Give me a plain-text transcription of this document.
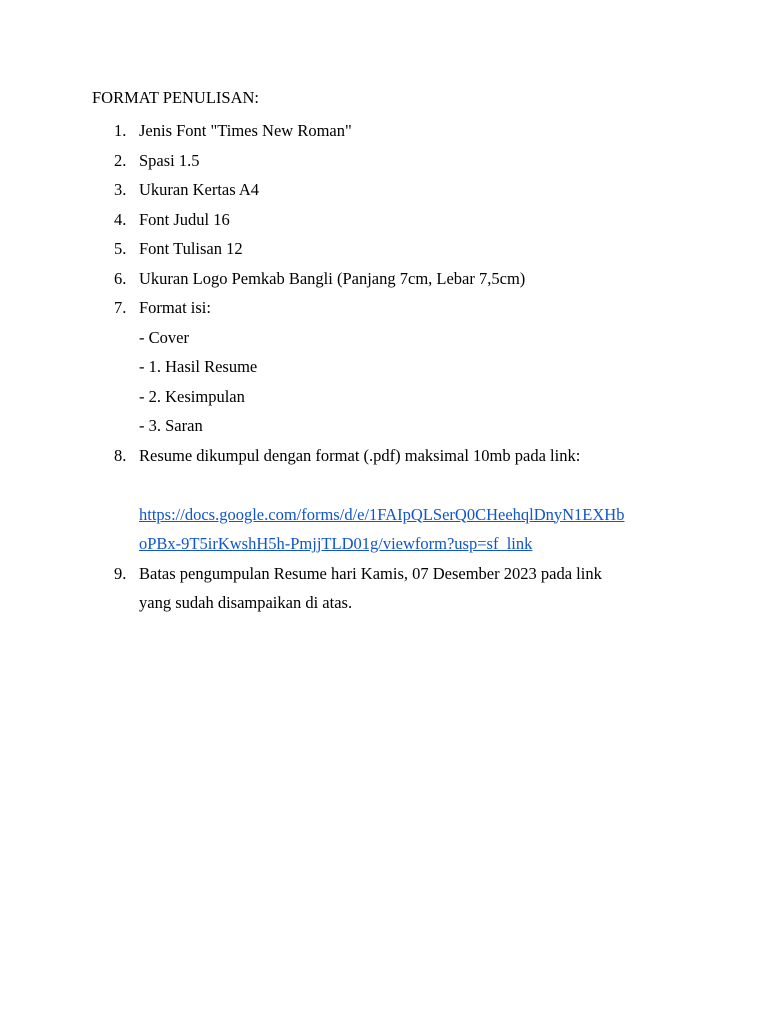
FORMAT PENULISAN:
1. Jenis Font "Times New Roman"
2. Spasi 1.5
3. Ukuran Kertas A4
4. Font Judul 16
5. Font Tulisan 12
6. Ukuran Logo Pemkab Bangli (Panjang 7cm, Lebar 7,5cm)
7. Format isi:
- Cover
- 1. Hasil Resume
- 2. Kesimpulan
- 3. Saran
8. Resume dikumpul dengan format (.pdf) maksimal 10mb pada link:
https://docs.google.com/forms/d/e/1FAIpQLSerQ0CHeehqlDnyN1EXHb
oPBx-9T5irKwshH5h-PmjjTLD01g/viewform?usp=sf_link
9. Batas pengumpulan Resume hari Kamis, 07 Desember 2023 pada link
yang sudah disampaikan di atas.
